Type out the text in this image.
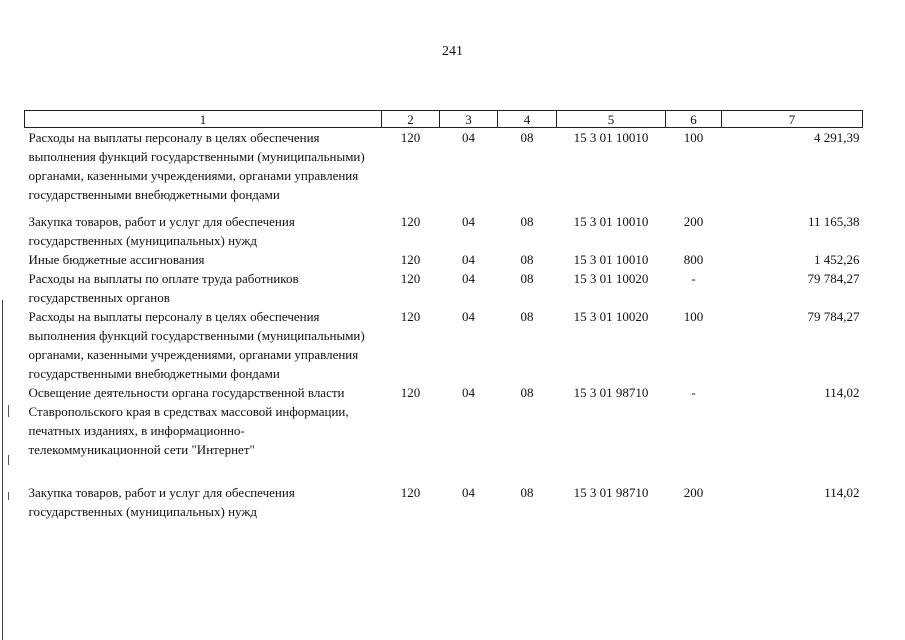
241
1	2	3	4	5	6	7
Расходы на выплаты персоналу в целях обеспечения выполнения функций государственными (муниципальными) органами, казенными учреждениями, органами управления государственными внебюджетными фондами	120	04	08	15 3 01 10010	100	4 291,39
Закупка товаров, работ и услуг для обеспечения государственных (муниципальных) нужд	120	04	08	15 3 01 10010	200	11 165,38
Иные бюджетные ассигнования	120	04	08	15 3 01 10010	800	1 452,26
Расходы на выплаты по оплате труда работников государственных органов	120	04	08	15 3 01 10020	-	79 784,27
Расходы на выплаты персоналу в целях обеспечения выполнения функций государственными (муниципальными) органами, казенными учреждениями, органами управления государственными внебюджетными фондами	120	04	08	15 3 01 10020	100	79 784,27
Освещение деятельности органа государственной власти Ставропольского края в средствах массовой информации, печатных изданиях, в информационно-телекоммуникационной сети "Интернет"	120	04	08	15 3 01 98710	-	114,02
Закупка товаров, работ и услуг для обеспечения государственных (муниципальных) нужд	120	04	08	15 3 01 98710	200	114,02
